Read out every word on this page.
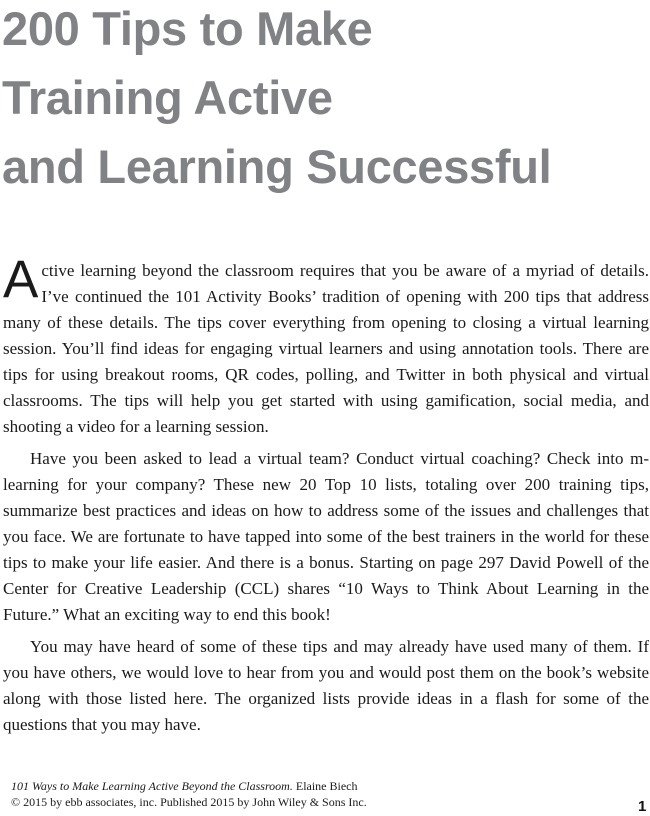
200 Tips to Make
Training Active
and Learning Successful

Active learning beyond the classroom requires that you be aware of a myriad of details. I’ve continued the 101 Activity Books’ tradition of opening with 200 tips that address many of these details. The tips cover everything from opening to closing a virtual learning session. You’ll find ideas for engaging virtual learners and using annotation tools. There are tips for using breakout rooms, QR codes, polling, and Twitter in both physical and virtual classrooms. The tips will help you get started with using gamification, social media, and shooting a video for a learning session.

Have you been asked to lead a virtual team? Conduct virtual coaching? Check into m-learning for your company? These new 20 Top 10 lists, totaling over 200 training tips, summarize best practices and ideas on how to address some of the issues and challenges that you face. We are fortunate to have tapped into some of the best trainers in the world for these tips to make your life easier. And there is a bonus. Starting on page 297 David Powell of the Center for Creative Leadership (CCL) shares “10 Ways to Think About Learning in the Future.” What an exciting way to end this book!

You may have heard of some of these tips and may already have used many of them. If you have others, we would love to hear from you and would post them on the book’s website along with those listed here. The organized lists provide ideas in a flash for some of the questions that you may have.

101 Ways to Make Learning Active Beyond the Classroom. Elaine Biech
© 2015 by ebb associates, inc. Published 2015 by John Wiley & Sons Inc.	1
